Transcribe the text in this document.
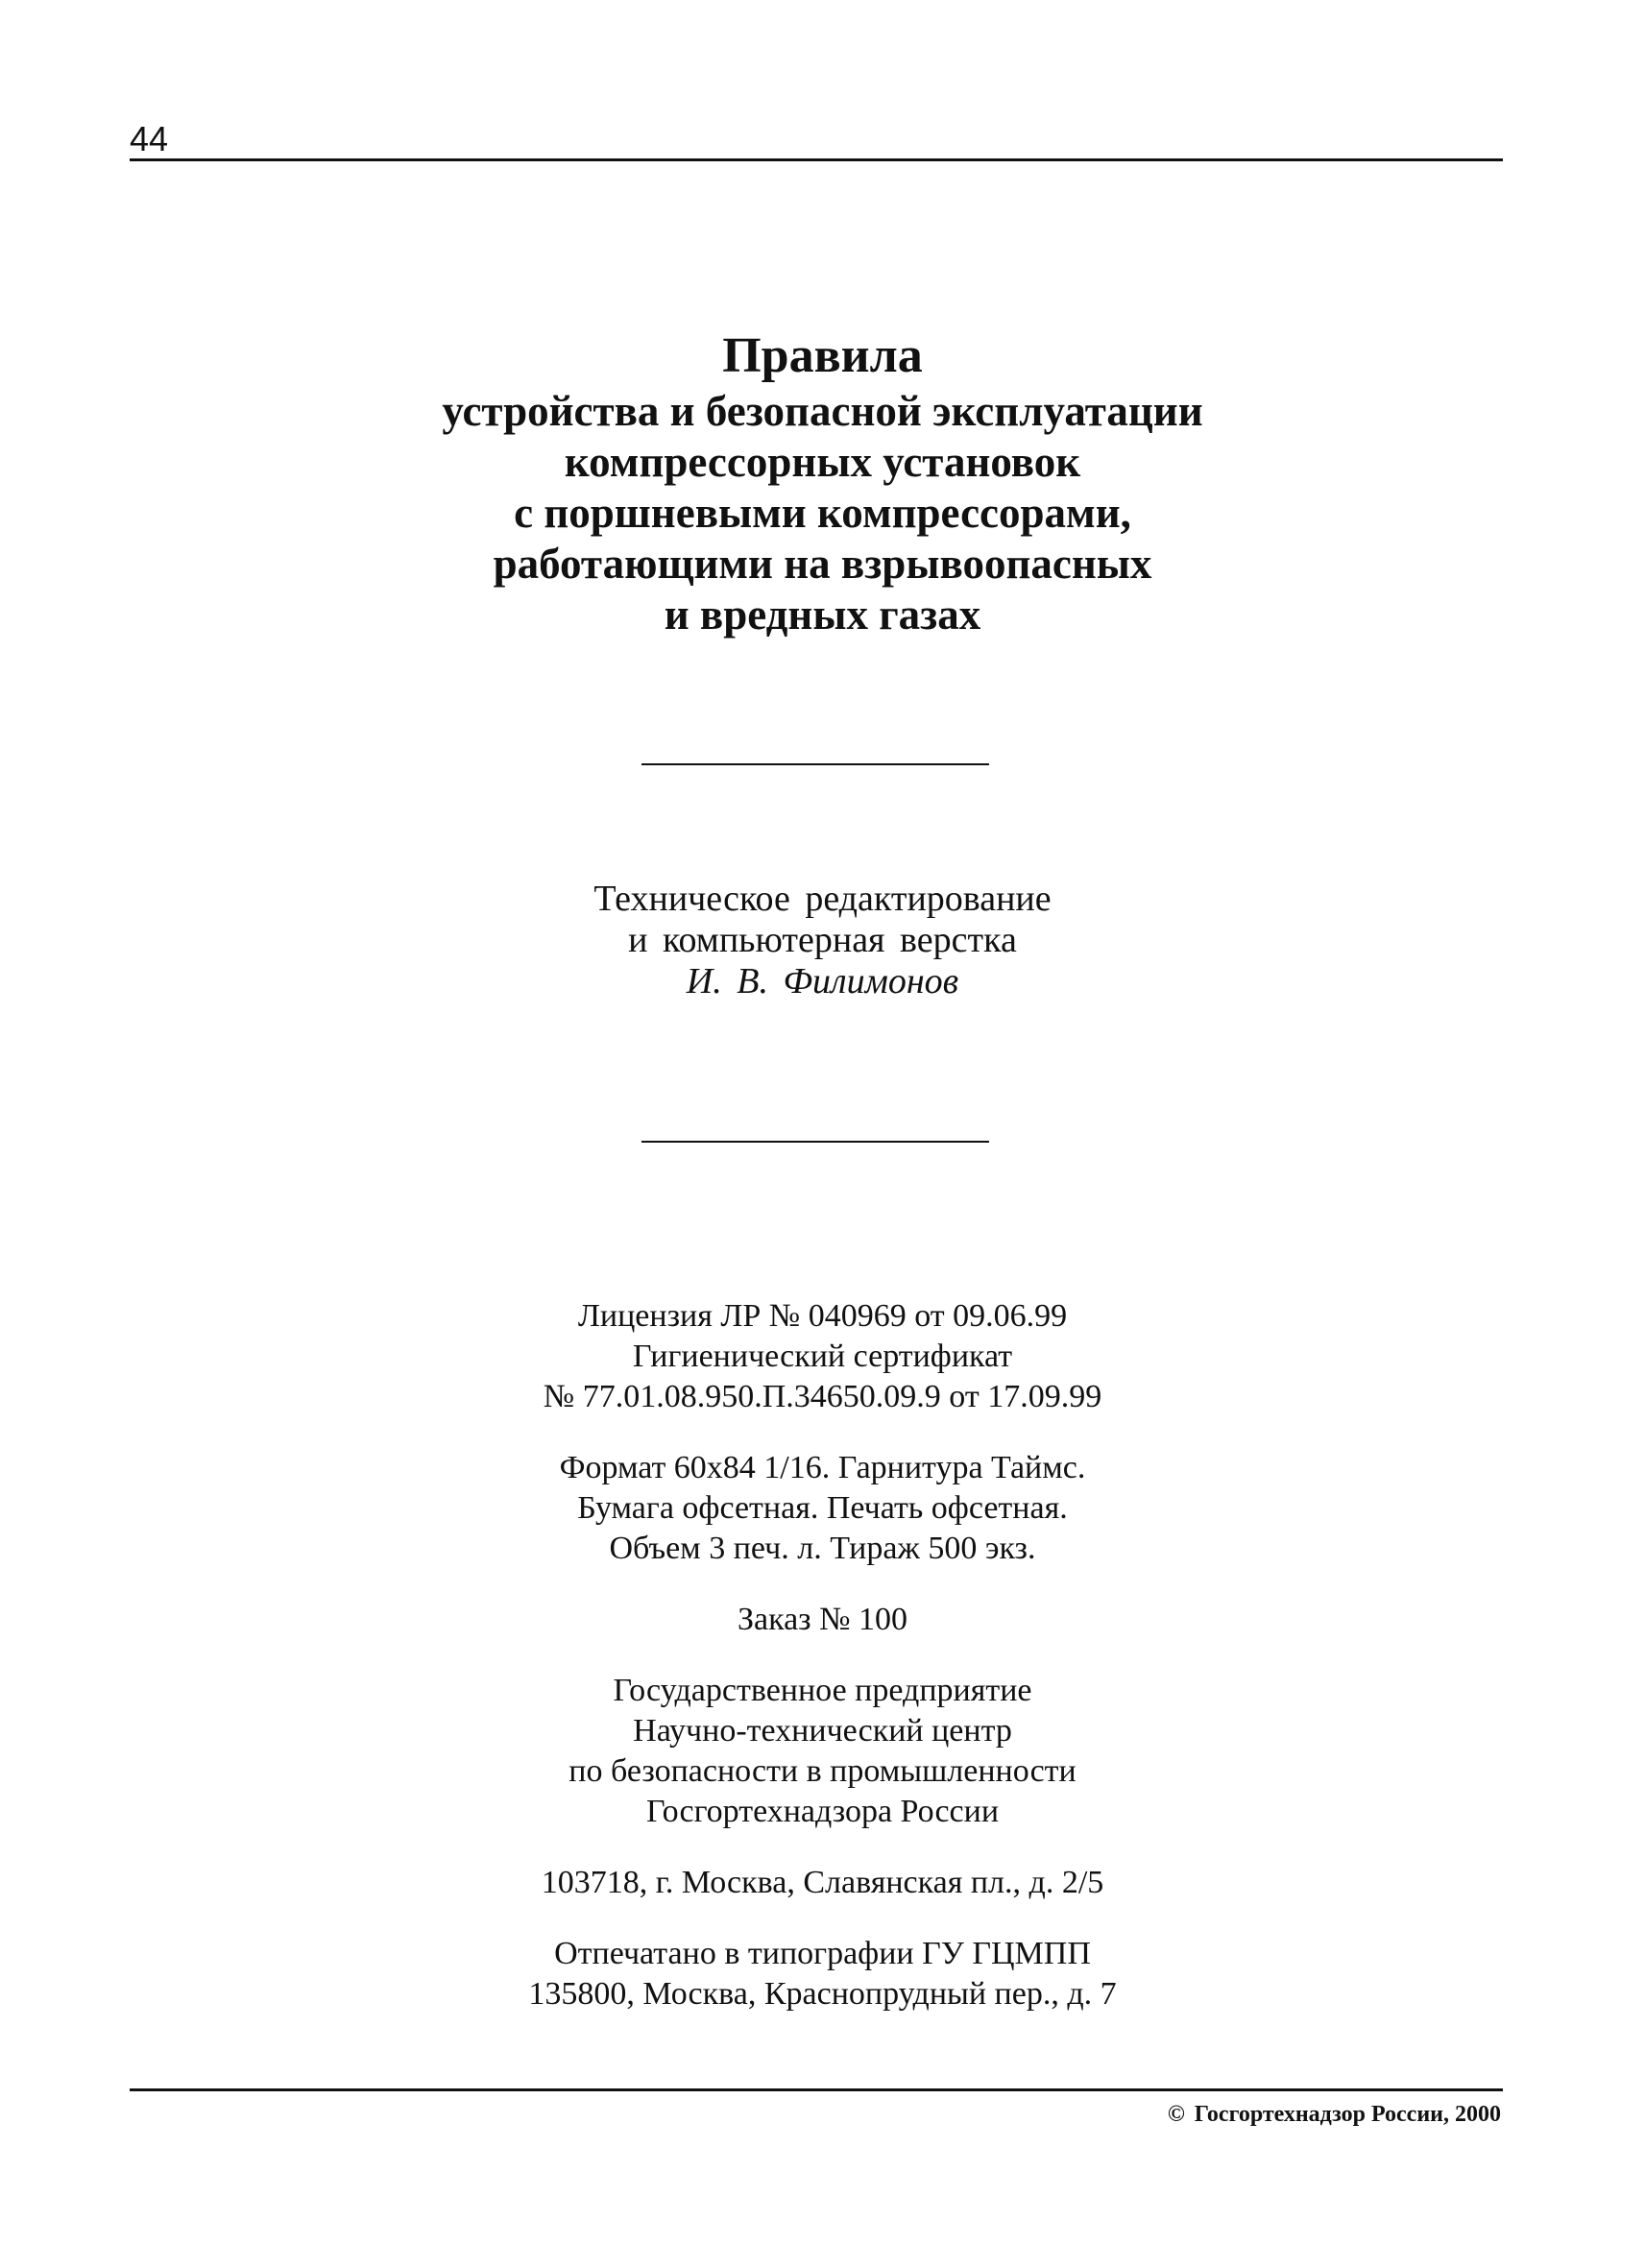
44
Правила
устройства и безопасной эксплуатации
компрессорных установок
с поршневыми компрессорами,
работающими на взрывоопасных
и вредных газах
Техническое редактирование
и компьютерная верстка
И. В. Филимонов
Лицензия ЛР № 040969 от 09.06.99
Гигиенический сертификат
№ 77.01.08.950.П.34650.09.9 от 17.09.99
Формат 60x84 1/16. Гарнитура Таймс.
Бумага офсетная. Печать офсетная.
Объем 3 печ. л. Тираж 500 экз.
Заказ № 100
Государственное предприятие
Научно-технический центр
по безопасности в промышленности
Госгортехнадзора России
103718, г. Москва, Славянская пл., д. 2/5
Отпечатано в типографии ГУ ГЦМПП
135800, Москва, Краснопрудный пер., д. 7
© Госгортехнадзор России, 2000
